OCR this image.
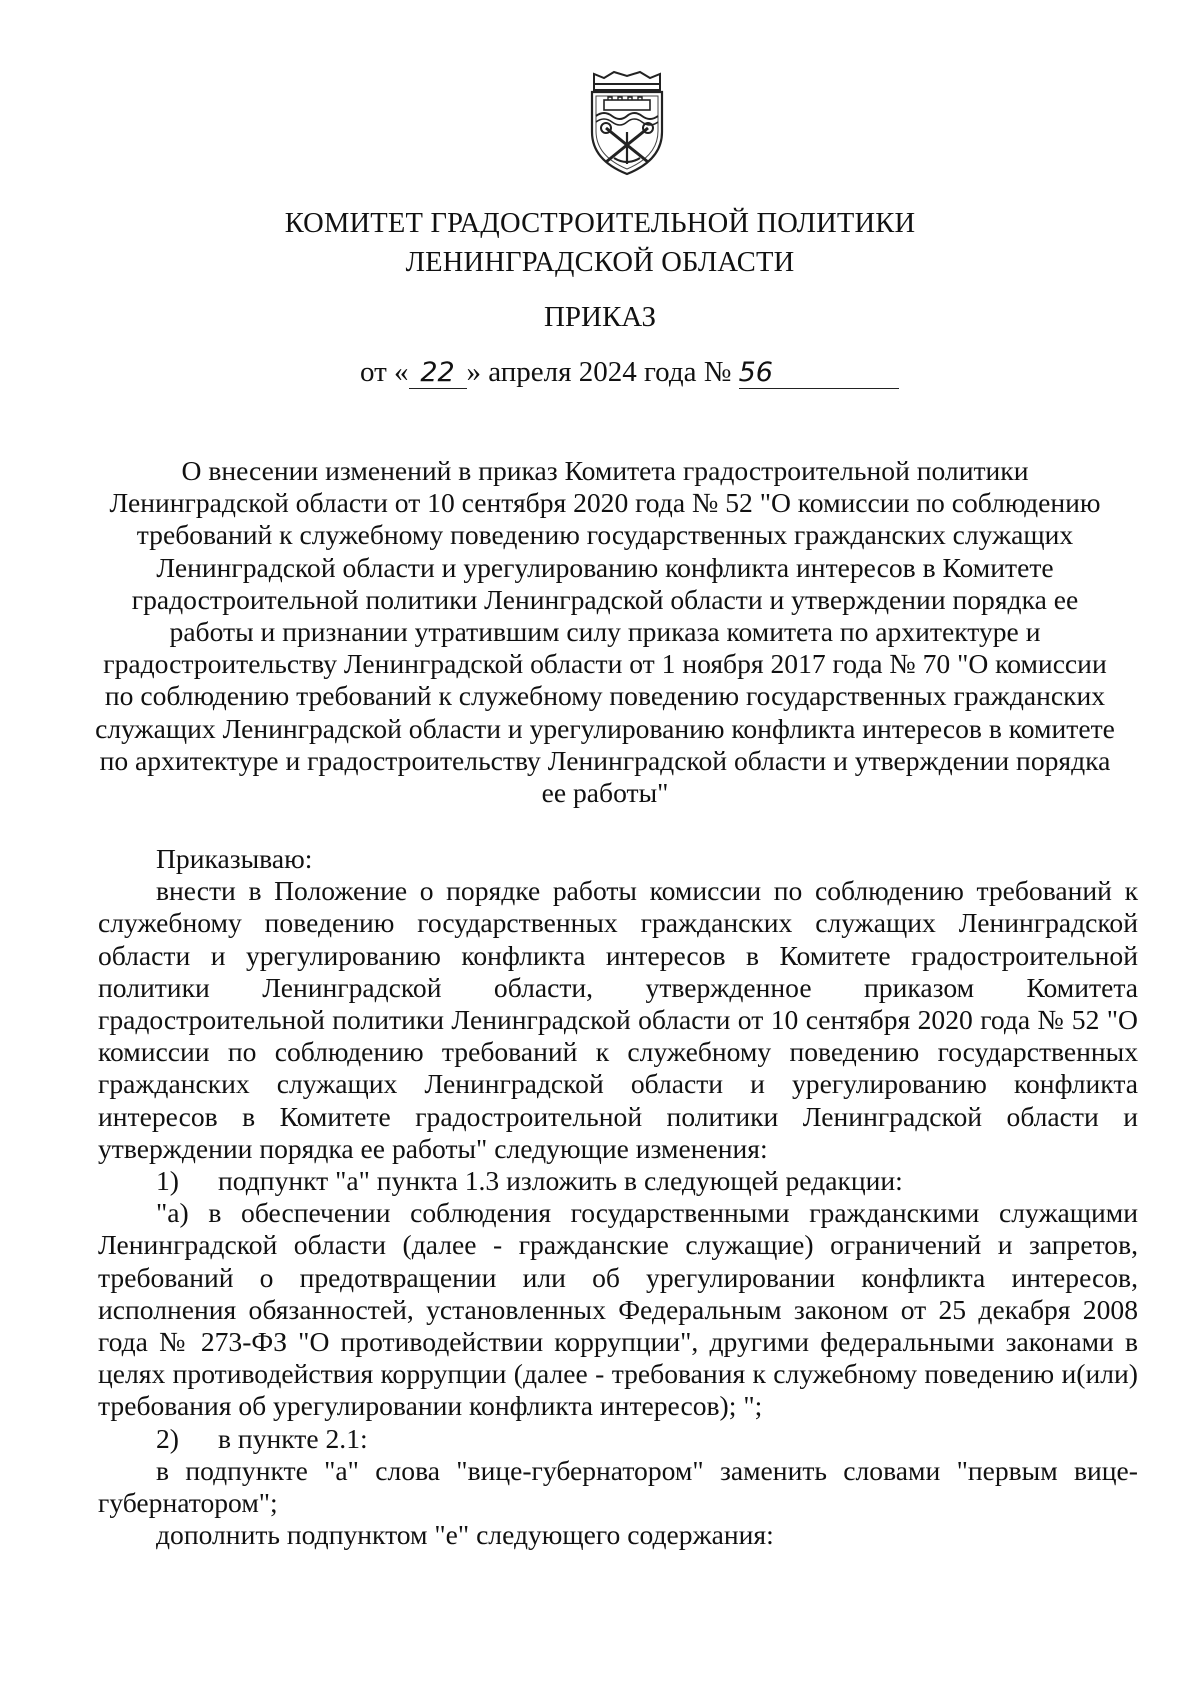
КОМИТЕТ ГРАДОСТРОИТЕЛЬНОЙ ПОЛИТИКИ
ЛЕНИНГРАДСКОЙ ОБЛАСТИ
ПРИКАЗ
от « 22 » апреля 2024 года № 56
О внесении изменений в приказ Комитета градостроительной политики Ленинградской области от 10 сентября 2020 года № 52 "О комиссии по соблюдению требований к служебному поведению государственных гражданских служащих Ленинградской области и урегулированию конфликта интересов в Комитете градостроительной политики Ленинградской области и утверждении порядка ее работы и признании утратившим силу приказа комитета по архитектуре и градостроительству Ленинградской области от 1 ноября 2017 года № 70 "О комиссии по соблюдению требований к служебному поведению государственных гражданских служащих Ленинградской области и урегулированию конфликта интересов в комитете по архитектуре и градостроительству Ленинградской области и утверждении порядка ее работы"

Приказываю:

внести в Положение о порядке работы комиссии по соблюдению требований к служебному поведению государственных гражданских служащих Ленинградской области и урегулированию конфликта интересов в Комитете градостроительной политики Ленинградской области, утвержденное приказом Комитета градостроительной политики Ленинградской области от 10 сентября 2020 года № 52 "О комиссии по соблюдению требований к служебному поведению государственных гражданских служащих Ленинградской области и урегулированию конфликта интересов в Комитете градостроительной политики Ленинградской области и утверждении порядка ее работы" следующие изменения:

1) подпункт "а" пункта 1.3 изложить в следующей редакции:

"а) в обеспечении соблюдения государственными гражданскими служащими Ленинградской области (далее - гражданские служащие) ограничений и запретов, требований о предотвращении или об урегулировании конфликта интересов, исполнения обязанностей, установленных Федеральным законом от 25 декабря 2008 года № 273-ФЗ "О противодействии коррупции", другими федеральными законами в целях противодействия коррупции (далее - требования к служебному поведению и(или) требования об урегулировании конфликта интересов); ";

2) в пункте 2.1:

в подпункте "а" слова "вице-губернатором" заменить словами "первым вице-губернатором";

дополнить подпунктом "е" следующего содержания:
